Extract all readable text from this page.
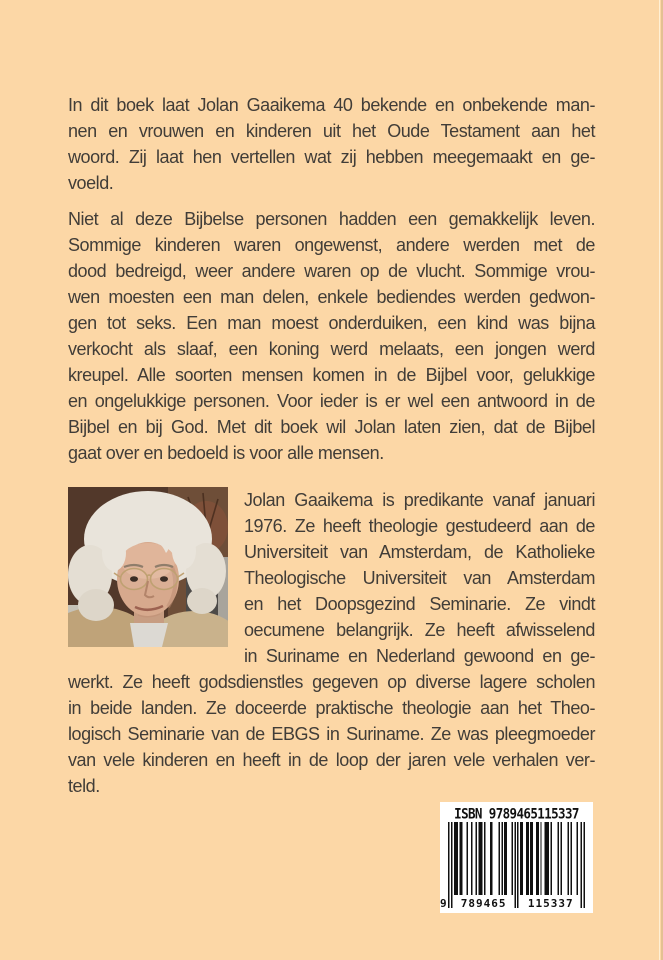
In dit boek laat Jolan Gaaikema 40 bekende en onbekende man-
nen en vrouwen en kinderen uit het Oude Testament aan het
woord. Zij laat hen vertellen wat zij hebben meegemaakt en ge-
voeld.
Niet al deze Bijbelse personen hadden een gemakkelijk leven.
Sommige kinderen waren ongewenst, andere werden met de
dood bedreigd, weer andere waren op de vlucht. Sommige vrou-
wen moesten een man delen, enkele bediendes werden gedwon-
gen tot seks. Een man moest onderduiken, een kind was bijna
verkocht als slaaf, een koning werd melaats, een jongen werd
kreupel. Alle soorten mensen komen in de Bijbel voor, gelukkige
en ongelukkige personen. Voor ieder is er wel een antwoord in de
Bijbel en bij God. Met dit boek wil Jolan laten zien, dat de Bijbel
gaat over en bedoeld is voor alle mensen.
Jolan Gaaikema is predikante vanaf januari
1976. Ze heeft theologie gestudeerd aan de
Universiteit van Amsterdam, de Katholieke
Theologische Universiteit van Amsterdam
en het Doopsgezind Seminarie. Ze vindt
oecumene belangrijk. Ze heeft afwisselend
in Suriname en Nederland gewoond en ge-
werkt. Ze heeft godsdienstles gegeven op diverse lagere scholen
in beide landen. Ze doceerde praktische theologie aan het Theo-
logisch Seminarie van de EBGS in Suriname. Ze was pleegmoeder
van vele kinderen en heeft in de loop der jaren vele verhalen ver-
teld.
ISBN 9789465115337
9	789465	115337
